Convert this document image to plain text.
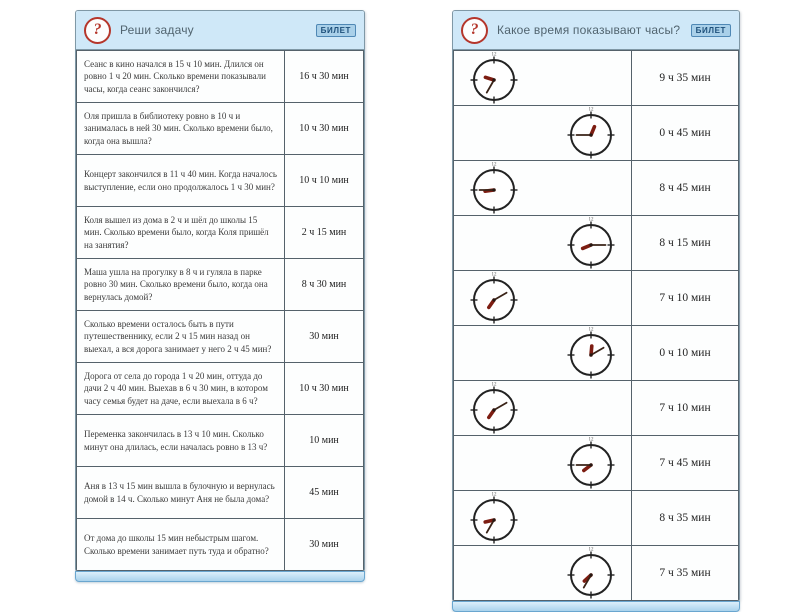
?	Реши задачу	БИЛЕТ
Сеанс в кино начался в 15 ч 10 мин. Длился он ровно 1 ч 20 мин. Сколько времени показывали часы, когда сеанс закончился?	16 ч 30 мин
Оля пришла в библиотеку ровно в 10 ч и занималась в ней 30 мин. Сколько времени было, когда она вышла?	10 ч 30 мин
Концерт закончился в 11 ч 40 мин. Когда началось выступление, если оно продолжалось 1 ч 30 мин?	10 ч 10 мин
Коля вышел из дома в 2 ч и шёл до школы 15 мин. Сколько времени было, когда Коля пришёл на занятия?	2 ч 15 мин
Маша ушла на прогулку в 8 ч и гуляла в парке ровно 30 мин. Сколько времени было, когда она вернулась домой?	8 ч 30 мин
Сколько времени осталось быть в пути путешественнику, если 2 ч 15 мин назад он выехал, а вся дорога занимает у него 2 ч 45 мин?	30 мин
Дорога от села до города 1 ч 20 мин, оттуда до дачи 2 ч 40 мин. Выехав в 6 ч 30 мин, в котором часу семья будет на даче, если выехала в 6 ч?	10 ч 30 мин
Переменка закончилась в 13 ч 10 мин. Сколько минут она длилась, если началась ровно в 13 ч?	10 мин
Аня в 13 ч 15 мин вышла в булочную и вернулась домой в 14 ч. Сколько минут Аня не была дома?	45 мин
От дома до школы 15 мин небыстрым шагом. Сколько времени занимает путь туда и обратно?	30 мин
?	Какое время показывают часы?	БИЛЕТ
12	9 ч 35 мин

12	0 ч 45 мин

12	8 ч 45 мин

12	8 ч 15 мин

12	7 ч 10 мин

12	0 ч 10 мин

12	7 ч 10 мин

12	7 ч 45 мин

12	8 ч 35 мин

12	7 ч 35 мин
